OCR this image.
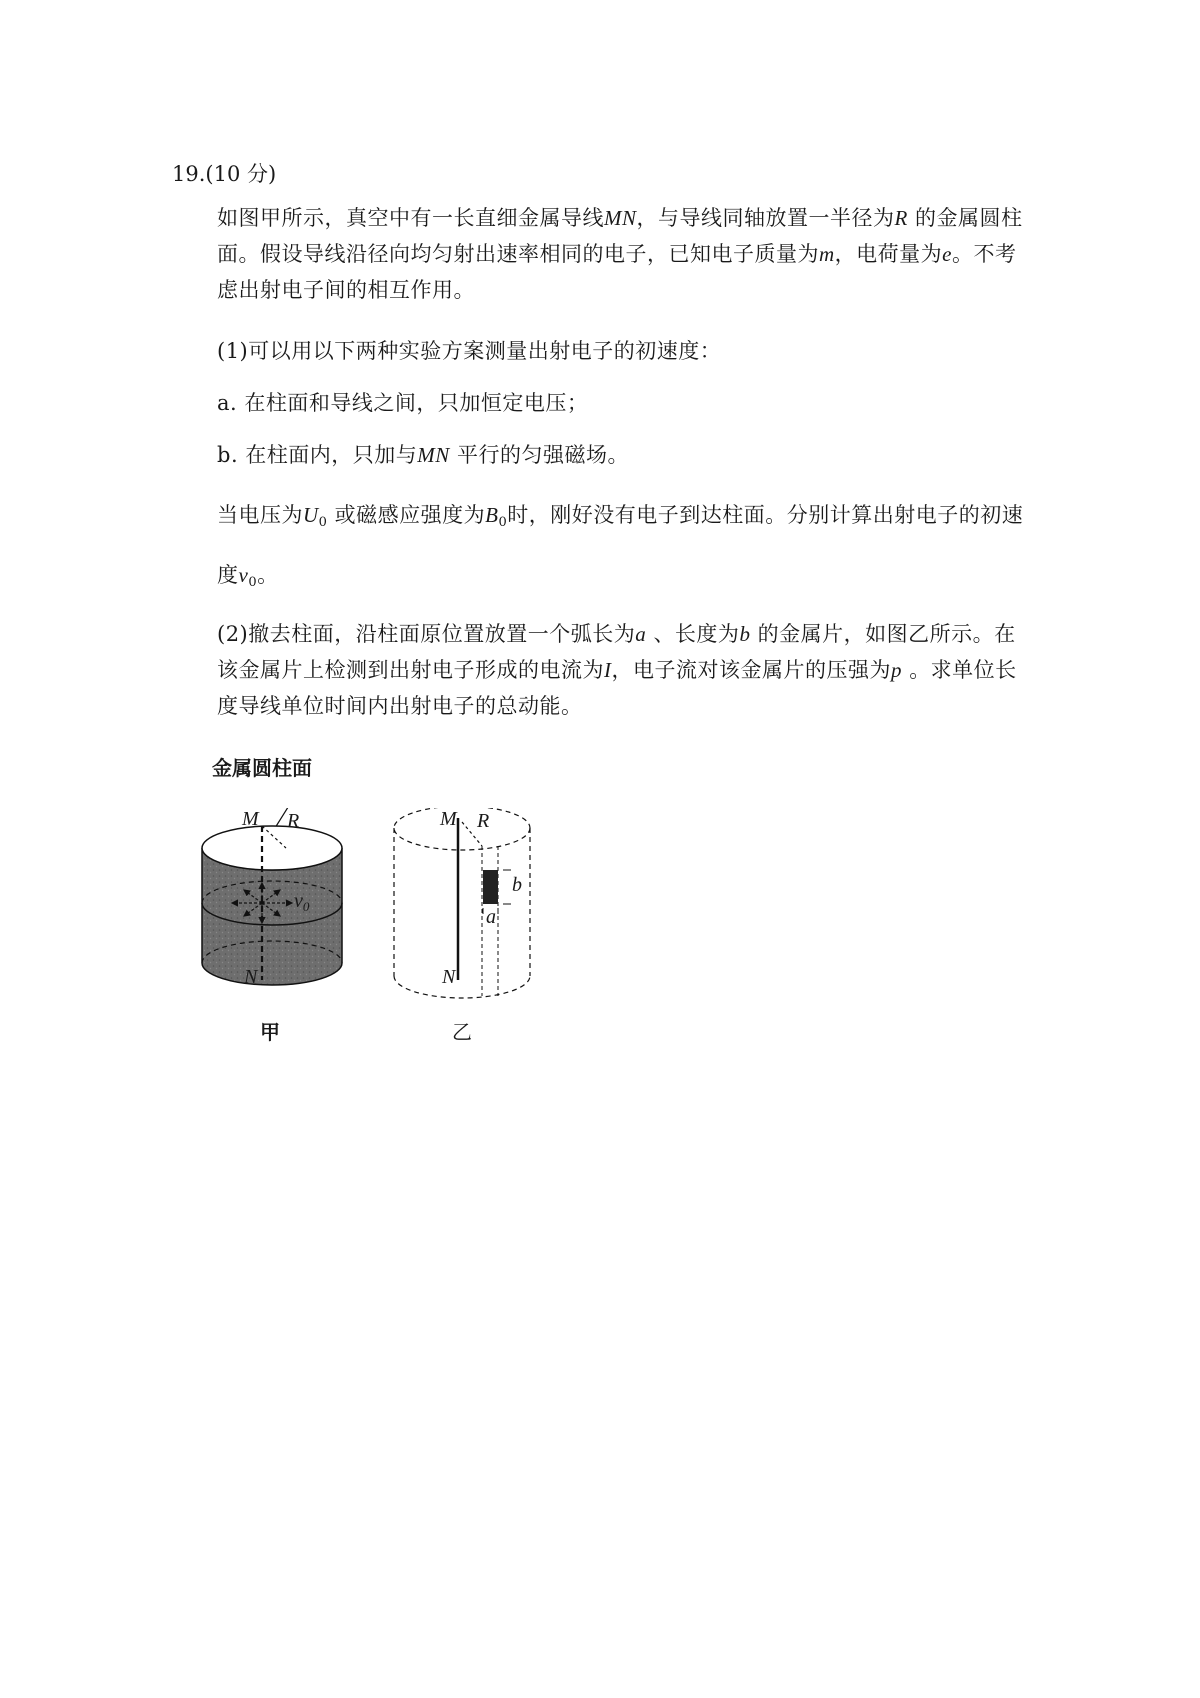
19.(10 分)
如图甲所示，真空中有一长直细金属导线MN，与导线同轴放置一半径为R 的金属圆柱面。假设导线沿径向均匀射出速率相同的电子，已知电子质量为m，电荷量为e。不考虑出射电子间的相互作用。
(1)可以用以下两种实验方案测量出射电子的初速度：
a. 在柱面和导线之间，只加恒定电压；
b. 在柱面内，只加与MN 平行的匀强磁场。
当电压为$U_0$ 或磁感应强度为$B_0$时，刚好没有电子到达柱面。分别计算出射电子的初速
度$v_0$。
(2)撤去柱面，沿柱面原位置放置一个弧长为a 、长度为b 的金属片，如图乙所示。在该金属片上检测到出射电子形成的电流为I，电子流对该金属片的压强为p 。求单位长度导线单位时间内出射电子的总动能。
金属圆柱面
M R
$v_0$
N
甲
M R
b
a
N
乙
